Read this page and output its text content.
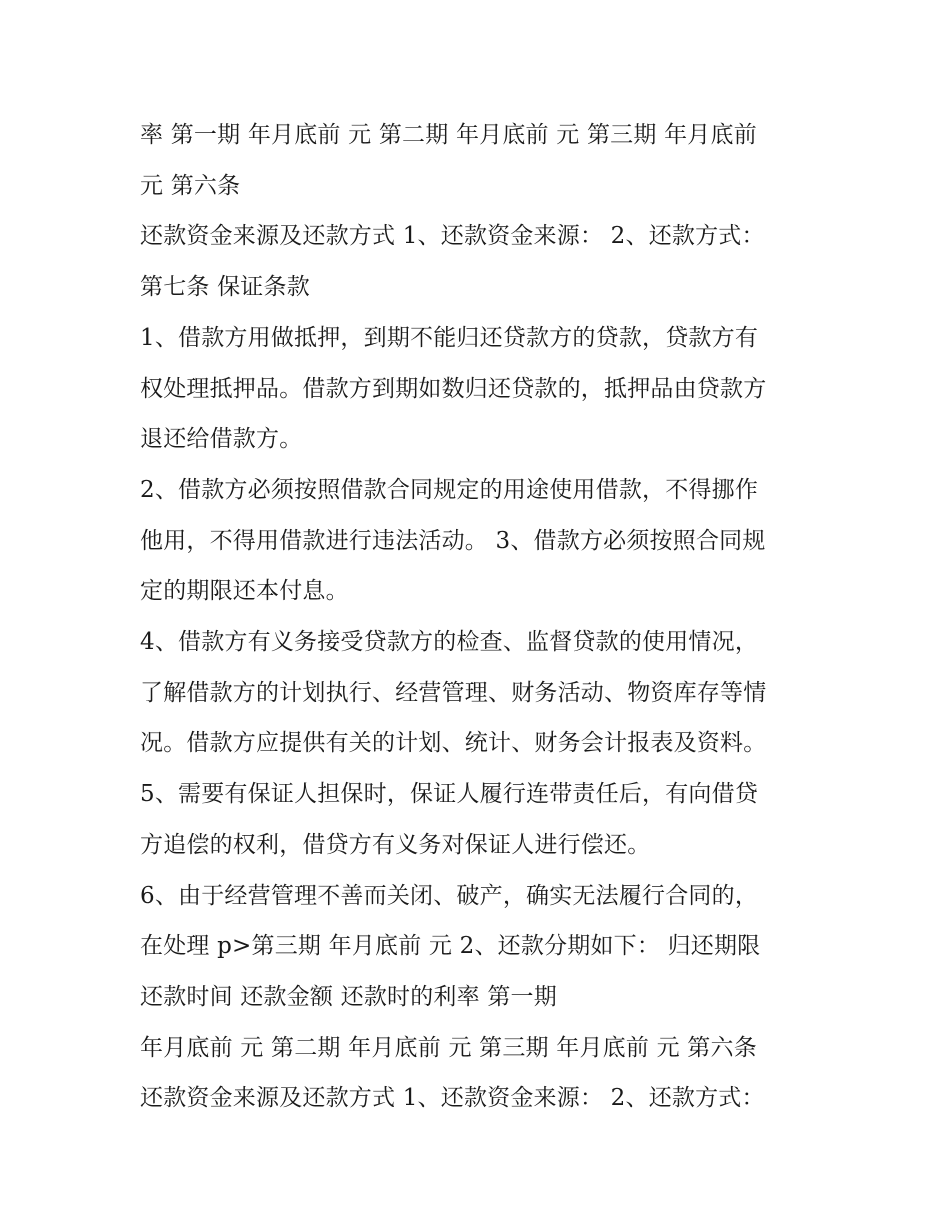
率 第一期 年月底前 元 第二期 年月底前 元 第三期 年月底前
元 第六条
还款资金来源及还款方式 1、还款资金来源： 2、还款方式：
第七条 保证条款
1、借款方用做抵押，到期不能归还贷款方的贷款，贷款方有
权处理抵押品。借款方到期如数归还贷款的，抵押品由贷款方
退还给借款方。
2、借款方必须按照借款合同规定的用途使用借款，不得挪作
他用，不得用借款进行违法活动。 3、借款方必须按照合同规
定的期限还本付息。
4、借款方有义务接受贷款方的检查、监督贷款的使用情况，
了解借款方的计划执行、经营管理、财务活动、物资库存等情
况。借款方应提供有关的计划、统计、财务会计报表及资料。
5、需要有保证人担保时，保证人履行连带责任后，有向借贷
方追偿的权利，借贷方有义务对保证人进行偿还。
6、由于经营管理不善而关闭、破产，确实无法履行合同的，
在处理 p>第三期 年月底前 元 2、还款分期如下： 归还期限
还款时间 还款金额 还款时的利率 第一期
年月底前 元 第二期 年月底前 元 第三期 年月底前 元 第六条
还款资金来源及还款方式 1、还款资金来源： 2、还款方式：
